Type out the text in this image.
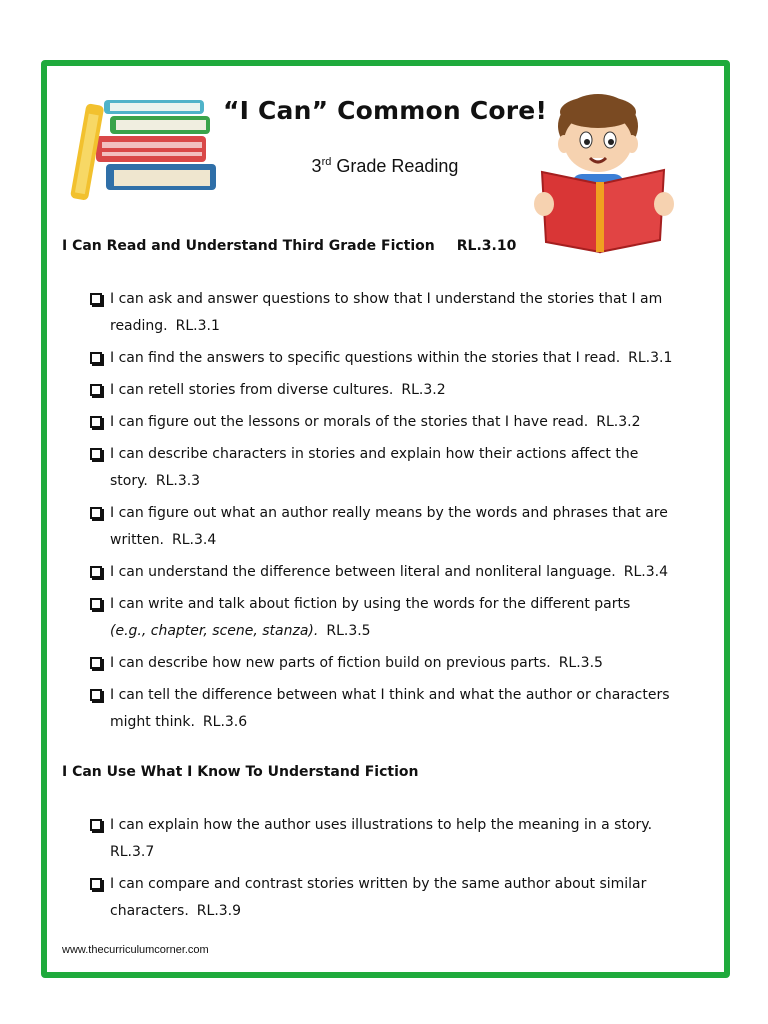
“I Can” Common Core!
3rd Grade Reading
I Can Read and Understand Third Grade Fiction RL.3.10
I can ask and answer questions to show that I understand the stories that I am
reading. RL.3.1
I can find the answers to specific questions within the stories that I read. RL.3.1
I can retell stories from diverse cultures. RL.3.2
I can figure out the lessons or morals of the stories that I have read. RL.3.2
I can describe characters in stories and explain how their actions affect the
story. RL.3.3
I can figure out what an author really means by the words and phrases that are
written. RL.3.4
I can understand the difference between literal and nonliteral language. RL.3.4
I can write and talk about fiction by using the words for the different parts
(e.g., chapter, scene, stanza). RL.3.5
I can describe how new parts of fiction build on previous parts. RL.3.5
I can tell the difference between what I think and what the author or characters
might think. RL.3.6
I Can Use What I Know To Understand Fiction
I can explain how the author uses illustrations to help the meaning in a story.
RL.3.7
I can compare and contrast stories written by the same author about similar
characters. RL.3.9
www.thecurriculumcorner.com
